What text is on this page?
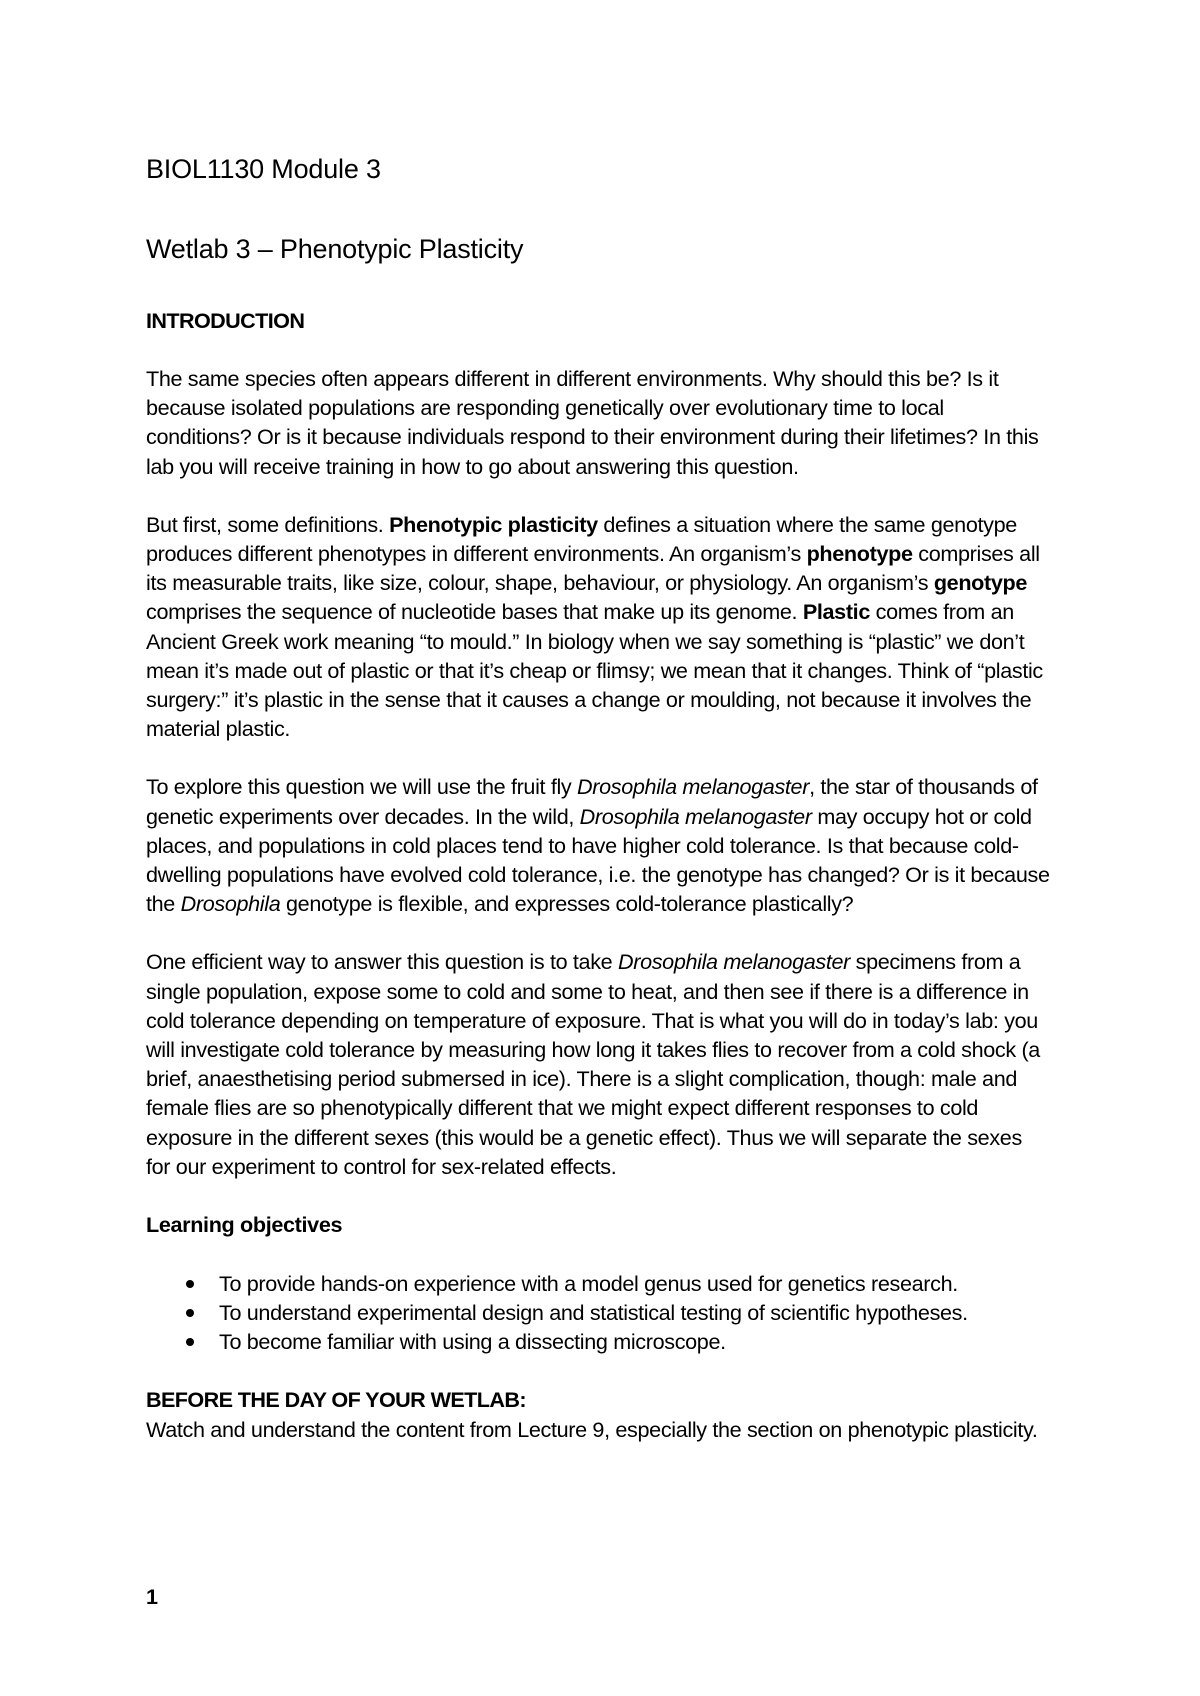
BIOL1130 Module 3
Wetlab 3 – Phenotypic Plasticity
INTRODUCTION

The same species often appears different in different environments. Why should this be? Is it because isolated populations are responding genetically over evolutionary time to local conditions? Or is it because individuals respond to their environment during their lifetimes? In this lab you will receive training in how to go about answering this question.

But first, some definitions. Phenotypic plasticity defines a situation where the same genotype produces different phenotypes in different environments. An organism’s phenotype comprises all its measurable traits, like size, colour, shape, behaviour, or physiology. An organism’s genotype comprises the sequence of nucleotide bases that make up its genome. Plastic comes from an Ancient Greek work meaning “to mould.” In biology when we say something is “plastic” we don’t mean it’s made out of plastic or that it’s cheap or flimsy; we mean that it changes. Think of “plastic surgery:” it’s plastic in the sense that it causes a change or moulding, not because it involves the material plastic.

To explore this question we will use the fruit fly Drosophila melanogaster, the star of thousands of genetic experiments over decades. In the wild, Drosophila melanogaster may occupy hot or cold places, and populations in cold places tend to have higher cold tolerance. Is that because cold-dwelling populations have evolved cold tolerance, i.e. the genotype has changed? Or is it because the Drosophila genotype is flexible, and expresses cold-tolerance plastically?

One efficient way to answer this question is to take Drosophila melanogaster specimens from a single population, expose some to cold and some to heat, and then see if there is a difference in cold tolerance depending on temperature of exposure. That is what you will do in today’s lab: you will investigate cold tolerance by measuring how long it takes flies to recover from a cold shock (a brief, anaesthetising period submersed in ice). There is a slight complication, though: male and female flies are so phenotypically different that we might expect different responses to cold exposure in the different sexes (this would be a genetic effect). Thus we will separate the sexes for our experiment to control for sex-related effects.

Learning objectives
To provide hands-on experience with a model genus used for genetics research.
To understand experimental design and statistical testing of scientific hypotheses.
To become familiar with using a dissecting microscope.
BEFORE THE DAY OF YOUR WETLAB:

Watch and understand the content from Lecture 9, especially the section on phenotypic plasticity.

1
